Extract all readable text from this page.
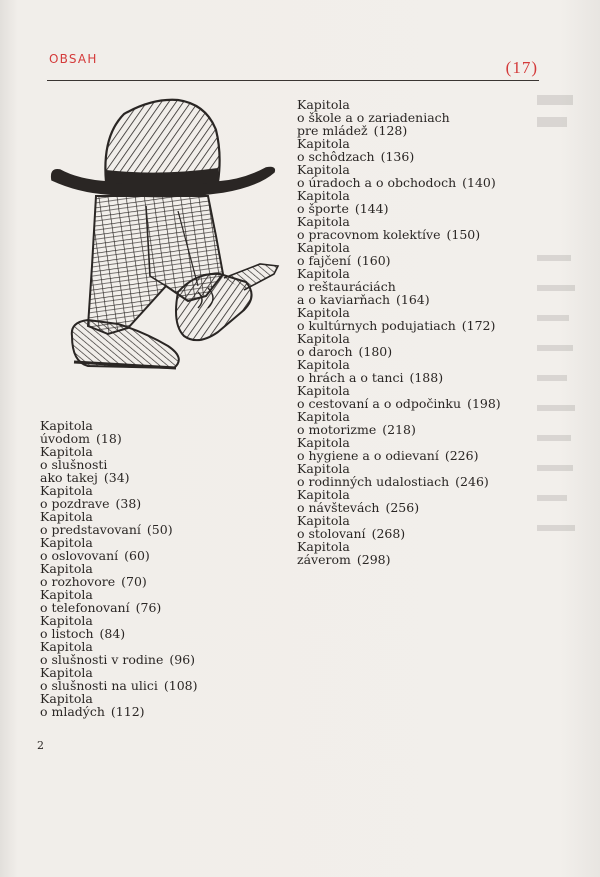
OBSAH	(17)
Kapitola
úvodom (18)
Kapitola
o slušnosti
ako takej (34)
Kapitola
o pozdrave (38)
Kapitola
o predstavovaní (50)
Kapitola
o oslovovaní (60)
Kapitola
o rozhovore (70)
Kapitola
o telefonovaní (76)
Kapitola
o listoch (84)
Kapitola
o slušnosti v rodine (96)
Kapitola
o slušnosti na ulici (108)
Kapitola
o mladých (112)
Kapitola
o škole a o zariadeniach
pre mládež (128)
Kapitola
o schôdzach (136)
Kapitola
o úradoch a o obchodoch (140)
Kapitola
o športe (144)
Kapitola
o pracovnom kolektíve (150)
Kapitola
o fajčení (160)
Kapitola
o reštauráciách
a o kaviarňach (164)
Kapitola
o kultúrnych podujatiach (172)
Kapitola
o daroch (180)
Kapitola
o hrách a o tanci (188)
Kapitola
o cestovaní a o odpočinku (198)
Kapitola
o motorizme (218)
Kapitola
o hygiene a o odievaní (226)
Kapitola
o rodinných udalostiach (246)
Kapitola
o návštevách (256)
Kapitola
o stolovaní (268)
Kapitola
záverom (298)
2
